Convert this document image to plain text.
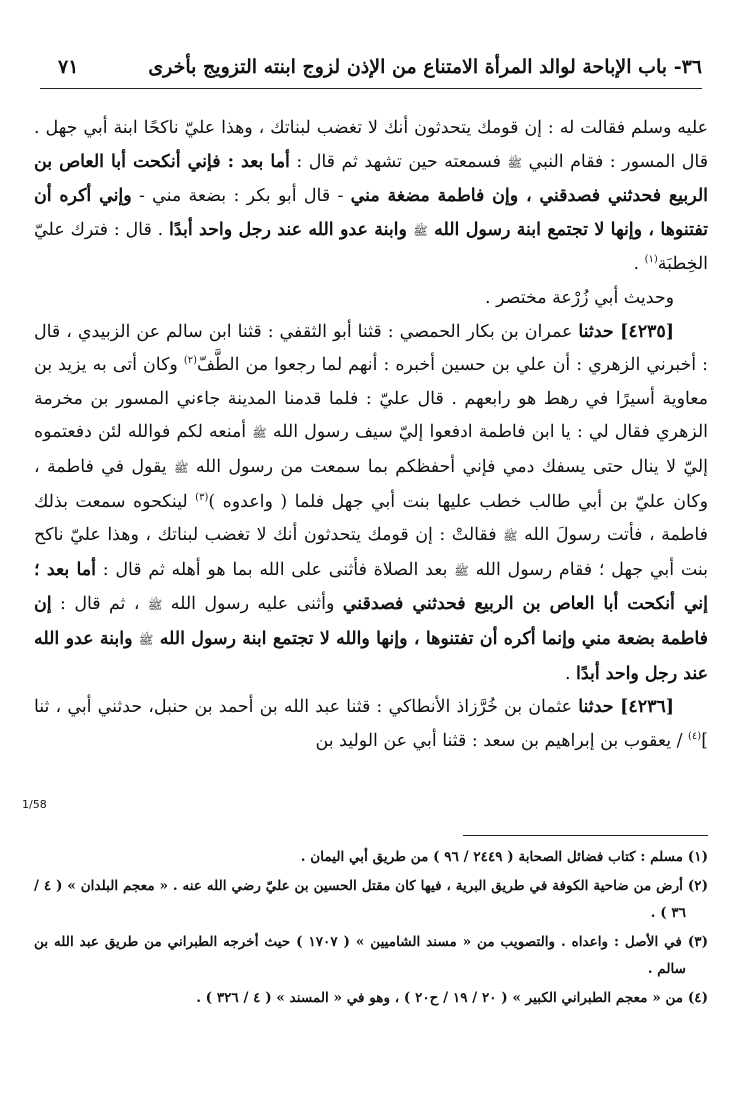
٣٦- باب الإباحة لوالد المرأة الامتناع من الإذن لزوج ابنته التزويج بأخرى
٧١

عليه وسلم فقالت له : إن قومك يتحدثون أنك لا تغضب لبناتك ، وهذا عليّ ناكحًا ابنة أبي جهل . قال المسور : فقام النبي ﷺ فسمعته حين تشهد ثم قال : أما بعد : فإني أنكحت أبا العاص بن الربيع فحدثني فصدقني ، وإن فاطمة مضغة مني - قال أبو بكر : بضعة مني - وإني أكره أن تفتنوها ، وإنها لا تجتمع ابنة رسول الله ﷺ وابنة عدو الله عند رجل واحد أبدًا . قال : فترك عليّ الخِطبَة$^{(١)}$ .

وحديث أبي زُرْعة مختصر .

[٤٢٣٥] حدثنا عمران بن بكار الحمصي : قثنا أبو الثقفي : قثنا ابن سالم عن الزبيدي ، قال : أخبرني الزهري : أن علي بن حسين أخبره : أنهم لما رجعوا من الطَّفّ$^{(٢)}$ وكان أتى به يزيد بن معاوية أسيرًا في رهط هو رابعهم . قال عليّ : فلما قدمنا المدينة جاءني المسور بن مخرمة الزهري فقال لي : يا ابن فاطمة ادفعوا إليّ سيف رسول الله ﷺ أمنعه لكم فوالله لئن دفعتموه إليّ لا ينال حتى يسفك دمي فإني أحفظكم بما سمعت من رسول الله ﷺ يقول في فاطمة ، وكان عليّ بن أبي طالب خطب عليها بنت أبي جهل فلما ( واعدوه )$^{(٣)}$ لينكحوه سمعت بذلك فاطمة ، فأتت رسولَ الله ﷺ فقالتْ : إن قومك يتحدثون أنك لا تغضب لبناتك ، وهذا عليّ ناكح بنت أبي جهل ؛ فقام رسول الله ﷺ بعد الصلاة فأثنى على الله بما هو أهله ثم قال : أما بعد ؛ إني أنكحت أبا العاص بن الربيع فحدثني فصدقني وأثنى عليه رسول الله ﷺ ، ثم قال : إن فاطمة بضعة مني وإنما أكره أن تفتنوها ، وإنها والله لا تجتمع ابنة رسول الله ﷺ وابنة عدو الله عند رجل واحد أبدًا .

[٤٢٣٦] حدثنا عثمان بن خُرَّزاذ الأنطاكي : قثنا عبد الله بن أحمد بن حنبل، حدثني أبي ، ثنا ]$^{(٤)}$ / يعقوب بن إبراهيم بن سعد : قثنا أبي عن الوليد بن

1/58

(١) مسلم : كتاب فضائل الصحابة ( ٢٤٤٩ / ٩٦ ) من طريق أبي اليمان .

(٢) أرض من ضاحية الكوفة في طريق البرية ، فيها كان مقتل الحسين بن عليّ رضي الله عنه . « معجم البلدان » ( ٤ / ٣٦ ) .

(٣) في الأصل : واعداه . والتصويب من « مسند الشاميين » ( ١٧٠٧ ) حيث أخرجه الطبراني من طريق عبد الله بن سالم .

(٤) من « معجم الطبراني الكبير » ( ٢٠ / ١٩ / ح٢٠ ) ، وهو في « المسند » ( ٤ / ٣٢٦ ) .
